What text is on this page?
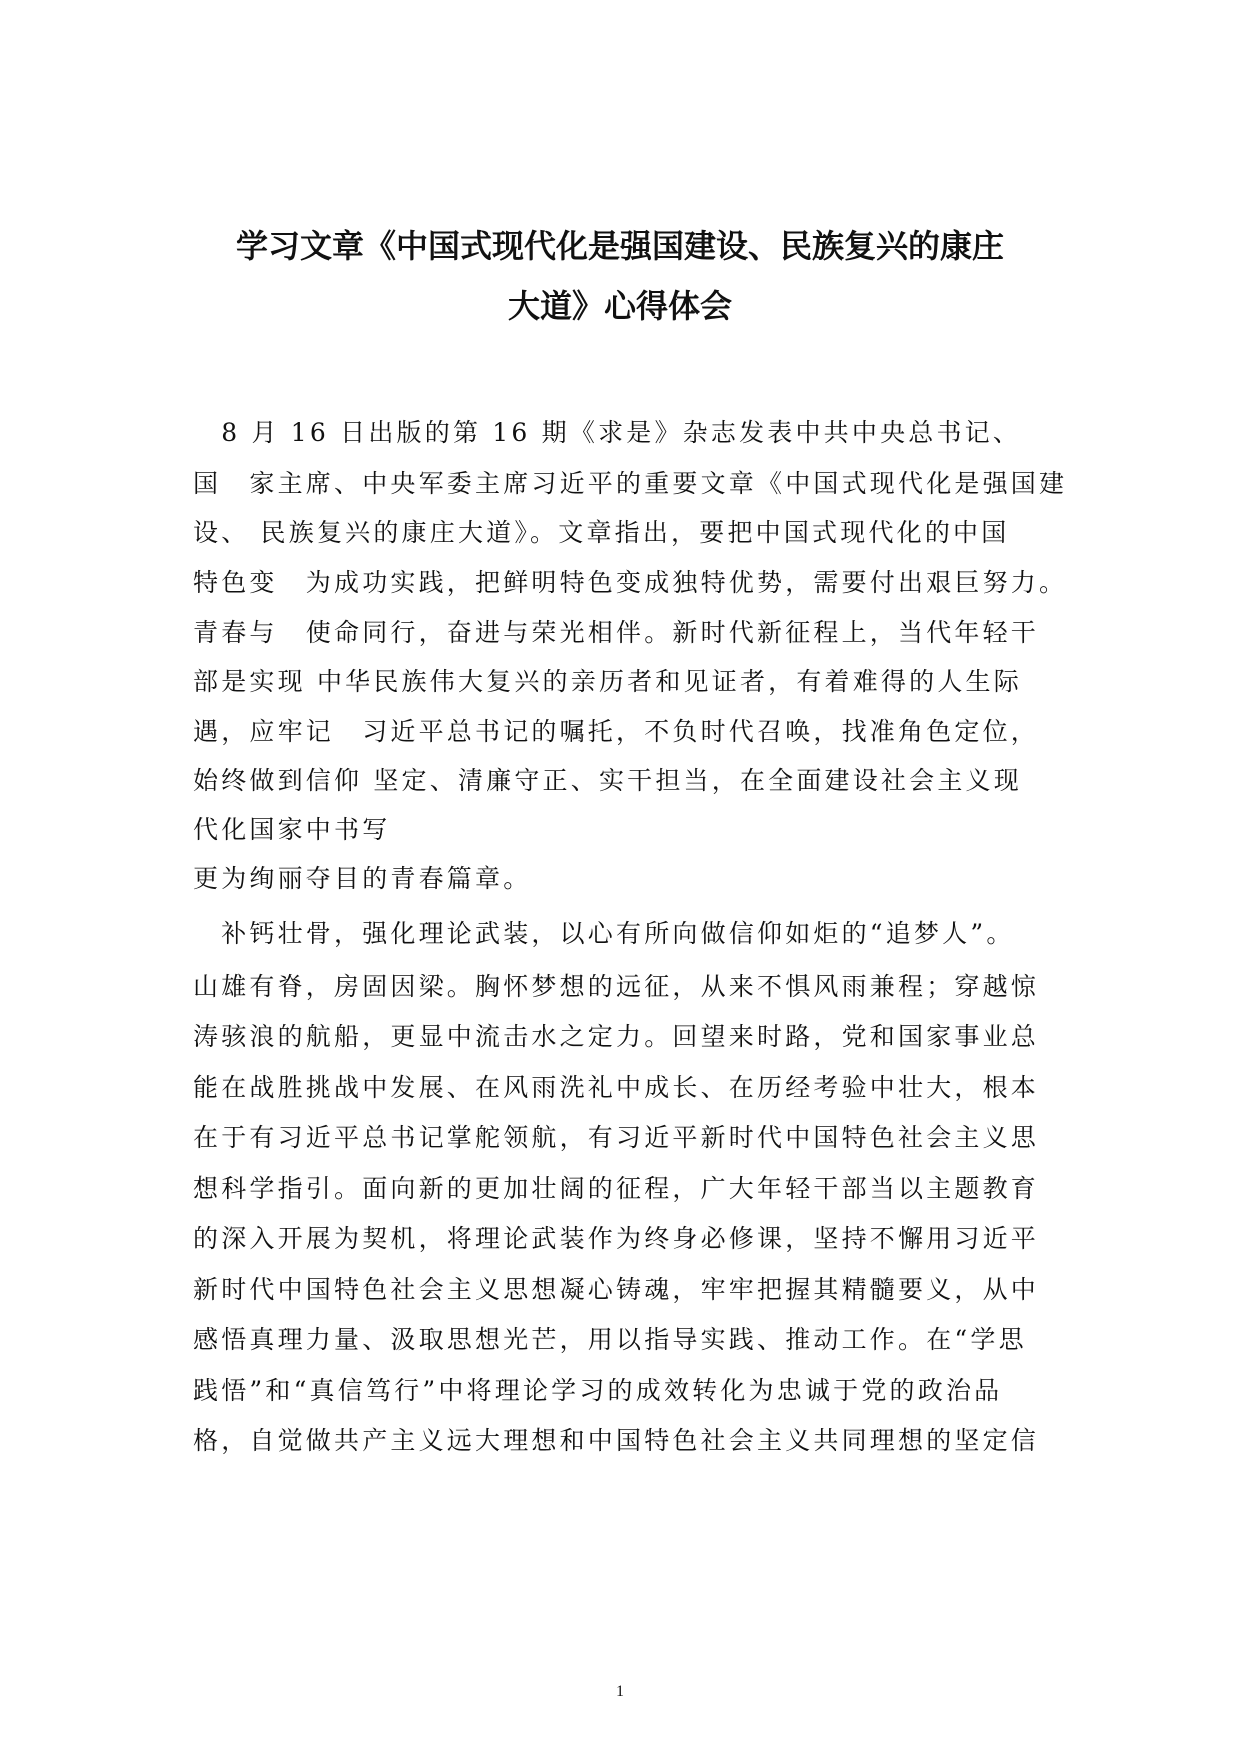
学习文章《中国式现代化是强国建设、民族复兴的康庄
大道》心得体会

　8 月 16 日出版的第 16 期《求是》杂志发表中共中央总书记、

国　家主席、中央军委主席习近平的重要文章《中国式现代化是强国建

设、 民族复兴的康庄大道》。文章指出，要把中国式现代化的中国

特色变　为成功实践，把鲜明特色变成独特优势，需要付出艰巨努力。

青春与　使命同行，奋进与荣光相伴。新时代新征程上，当代年轻干

部是实现 中华民族伟大复兴的亲历者和见证者，有着难得的人生际

遇，应牢记　习近平总书记的嘱托，不负时代召唤，找准角色定位，

始终做到信仰 坚定、清廉守正、实干担当，在全面建设社会主义现

代化国家中书写

更为绚丽夺目的青春篇章。

　补钙壮骨，强化理论武装，以心有所向做信仰如炬的“追梦人”。

山雄有脊，房固因梁。胸怀梦想的远征，从来不惧风雨兼程；穿越惊

涛骇浪的航船，更显中流击水之定力。回望来时路，党和国家事业总

能在战胜挑战中发展、在风雨洗礼中成长、在历经考验中壮大，根本

在于有习近平总书记掌舵领航，有习近平新时代中国特色社会主义思

想科学指引。面向新的更加壮阔的征程，广大年轻干部当以主题教育

的深入开展为契机，将理论武装作为终身必修课，坚持不懈用习近平

新时代中国特色社会主义思想凝心铸魂，牢牢把握其精髓要义，从中

感悟真理力量、汲取思想光芒，用以指导实践、推动工作。在“学思

践悟”和“真信笃行”中将理论学习的成效转化为忠诚于党的政治品

格，自觉做共产主义远大理想和中国特色社会主义共同理想的坚定信

1
